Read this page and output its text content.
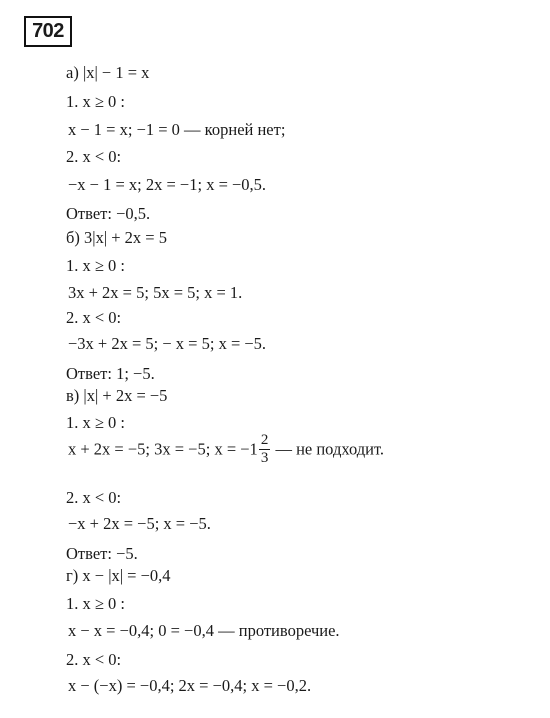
702
а) |x| − 1 = x
1. x ≥ 0 :
x − 1 = x; −1 = 0 — корней нет;
2. x < 0:
−x − 1 = x; 2x = −1; x = −0,5.
Ответ: −0,5.
б) 3|x| + 2x = 5
1. x ≥ 0 :
3x + 2x = 5; 5x = 5; x = 1.
2. x < 0:
−3x + 2x = 5; − x = 5; x = −5.
Ответ: 1; −5.
в) |x| + 2x = −5
1. x ≥ 0 :
x + 2x = −5; 3x = −5; $x = -1 \frac{2}{3}$ — не подходит.
2. x < 0:
−x + 2x = −5; x = −5.
Ответ: −5.
г) x − |x| = −0,4
1. x ≥ 0 :
x − x = −0,4; 0 = −0,4 — противоречие.
2. x < 0:
x − (−x) = −0,4; 2x = −0,4; x = −0,2.
